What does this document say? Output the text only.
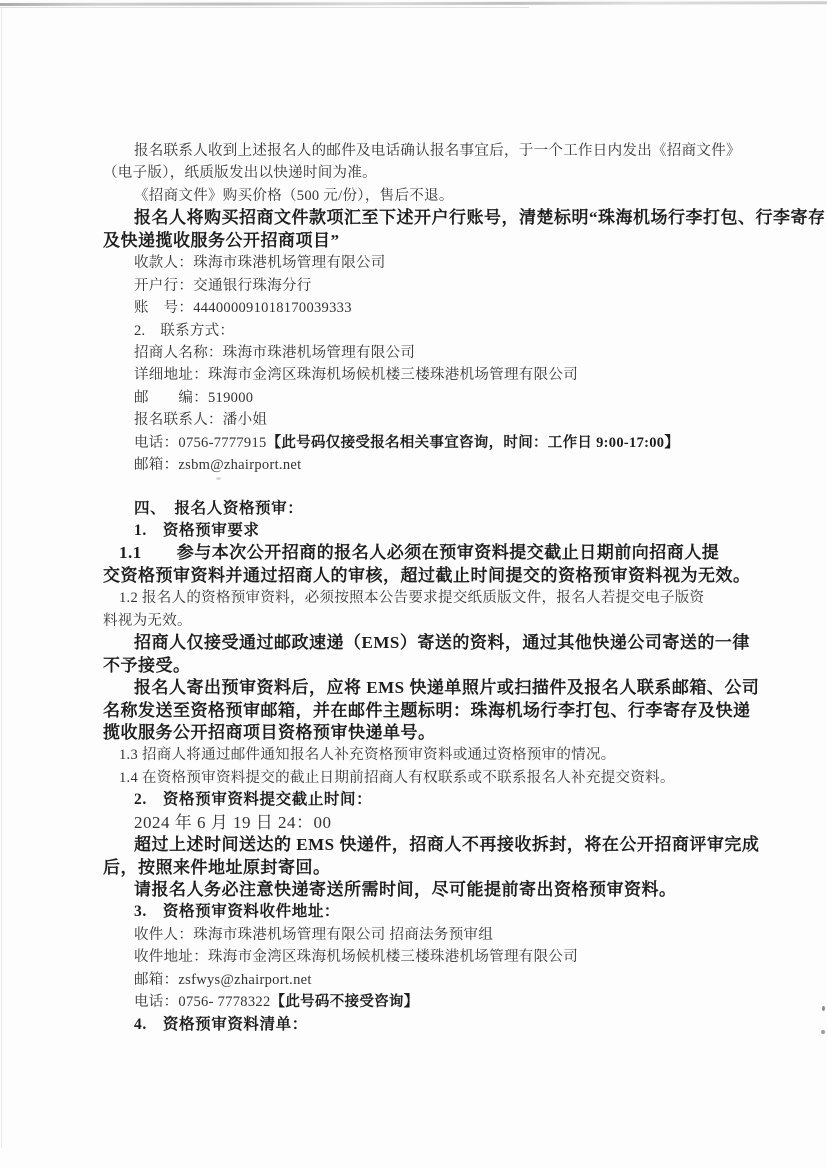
报名联系人收到上述报名人的邮件及电话确认报名事宜后，于一个工作日内发出《招商文件》
（电子版），纸质版发出以快递时间为准。
《招商文件》购买价格（500 元/份），售后不退。
报名人将购买招商文件款项汇至下述开户行账号，清楚标明“珠海机场行李打包、行李寄存
及快递揽收服务公开招商项目”
收款人：珠海市珠港机场管理有限公司
开户行：交通银行珠海分行
账　号：444000091018170039333
2.　联系方式：
招商人名称：珠海市珠港机场管理有限公司
详细地址：珠海市金湾区珠海机场候机楼三楼珠港机场管理有限公司
邮　　编：519000
报名联系人：潘小姐
电话：0756-7777915【此号码仅接受报名相关事宜咨询，时间：工作日 9:00-17:00】
邮箱：zsbm@zhairport.net
四、　报名人资格预审：
1.　资格预审要求
1.1　　参与本次公开招商的报名人必须在预审资料提交截止日期前向招商人提
交资格预审资料并通过招商人的审核，超过截止时间提交的资格预审资料视为无效。
1.2 报名人的资格预审资料，必须按照本公告要求提交纸质版文件，报名人若提交电子版资
料视为无效。
招商人仅接受通过邮政速递（EMS）寄送的资料，通过其他快递公司寄送的一律
不予接受。
报名人寄出预审资料后，应将 EMS 快递单照片或扫描件及报名人联系邮箱、公司
名称发送至资格预审邮箱，并在邮件主题标明：珠海机场行李打包、行李寄存及快递
揽收服务公开招商项目资格预审快递单号。
1.3 招商人将通过邮件通知报名人补充资格预审资料或通过资格预审的情况。
1.4 在资格预审资料提交的截止日期前招商人有权联系或不联系报名人补充提交资料。
2.　资格预审资料提交截止时间：
2024 年 6 月 19 日 24：00
超过上述时间送达的 EMS 快递件，招商人不再接收拆封，将在公开招商评审完成
后，按照来件地址原封寄回。
请报名人务必注意快递寄送所需时间，尽可能提前寄出资格预审资料。
3.　资格预审资料收件地址：
收件人：珠海市珠港机场管理有限公司 招商法务预审组
收件地址：珠海市金湾区珠海机场候机楼三楼珠港机场管理有限公司
邮箱：zsfwys@zhairport.net
电话：0756- 7778322【此号码不接受咨询】
4.　资格预审资料清单：
